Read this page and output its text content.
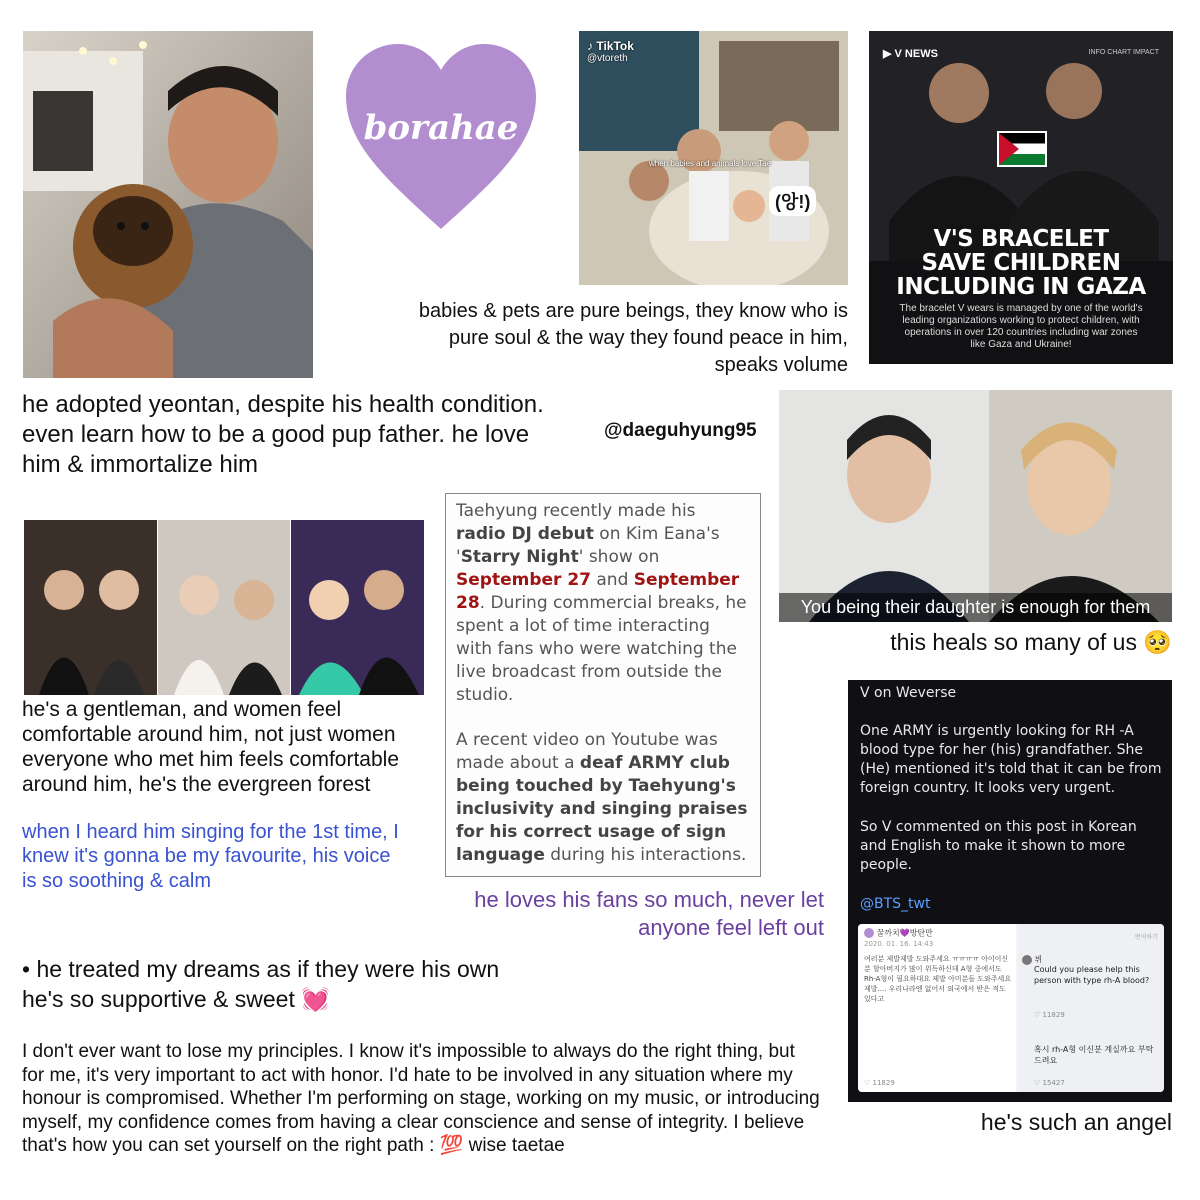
borahae
♪ TikTok
@vtoreth
when babies and animals love Tae
(앙!)
▶ V NEWS	INFO CHART IMPACT
V'S BRACELET
SAVE CHILDREN
INCLUDING IN GAZA
The bracelet V wears is managed by one of the world's leading organizations working to protect children, with operations in over 120 countries including war zones like Gaza and Ukraine!
babies & pets are pure beings, they know who is pure soul & the way they found peace in him, speaks volume
he adopted yeontan, despite his health condition. even learn how to be a good pup father. he love him & immortalize him
@daeguhyung95
You being their daughter is enough for them
this heals so many of us 🥺
he's a gentleman, and women feel comfortable around him, not just women everyone who met him feels comfortable around him, he's the evergreen forest
when I heard him singing for the 1st time, I knew it's gonna be my favourite, his voice is so soothing & calm

Taehyung recently made his radio DJ debut on Kim Eana's 'Starry Night' show on September 27 and September 28. During commercial breaks, he spent a lot of time interacting with fans who were watching the live broadcast from outside the studio.

A recent video on Youtube was made about a deaf ARMY club being touched by Taehyung's inclusivity and singing praises for his correct usage of sign language during his interactions.

he loves his fans so much, never let anyone feel left out
V on Weverse
One ARMY is urgently looking for RH -A blood type for her (his) grandfather. She (He) mentioned it's told that it can be from foreign country. It looks very urgent.
So V commented on this post in Korean and English to make it shown to more people.
@BTS_twt
꿀까치💜방탄만
2020. 01. 16. 14:43
여러분 제발제발 도와주세요 ㅠㅠㅠㅠ 아이이신분 할아버지가 많이 위독하신데 A형 중에서도 Rh-A형이 필요하대요 제발 아미분들 도와주세요 제발.... 우리나라엔 없어서 외국에서 받은 적도 있다고
♡ 11829
번역하기
뷔
Could you please help this person with type rh-A blood?
♡ 11829
혹시 rh-A형 이신분 계실까요 부탁드려요
♡ 15427
he's such an angel
• he treated my dreams as if they were his own
he's so supportive & sweet 💓
I don't ever want to lose my principles. I know it's impossible to always do the right thing, but for me, it's very important to act with honor. I'd hate to be involved in any situation where my honour is compromised. Whether I'm performing on stage, working on my music, or introducing myself, my confidence comes from having a clear conscience and sense of integrity. I believe that's how you can set yourself on the right path : 💯 wise taetae
